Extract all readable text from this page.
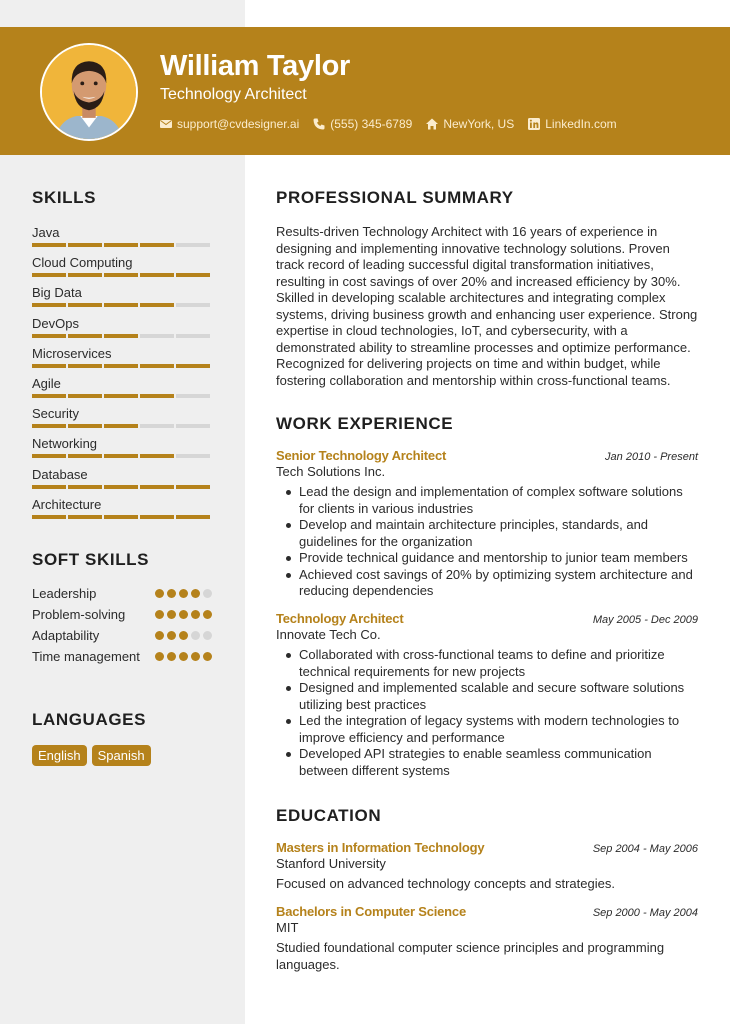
William Taylor
Technology Architect
support@cvdesigner.ai	(555) 345-6789	NewYork, US	LinkedIn.com
SKILLS
Java
Cloud Computing
Big Data
DevOps
Microservices
Agile
Security
Networking
Database
Architecture
SOFT SKILLS
Leadership
Problem-solving
Adaptability
Time management
LANGUAGES
English	Spanish
PROFESSIONAL SUMMARY
Results-driven Technology Architect with 16 years of experience in designing and implementing innovative technology solutions. Proven track record of leading successful digital transformation initiatives, resulting in cost savings of over 20% and increased efficiency by 30%. Skilled in developing scalable architectures and integrating complex systems, driving business growth and enhancing user experience. Strong expertise in cloud technologies, IoT, and cybersecurity, with a demonstrated ability to streamline processes and optimize performance. Recognized for delivering projects on time and within budget, while fostering collaboration and mentorship within cross-functional teams.
WORK EXPERIENCE
Senior Technology Architect	Jan 2010 - Present
Tech Solutions Inc.
Lead the design and implementation of complex software solutions for clients in various industries
Develop and maintain architecture principles, standards, and guidelines for the organization
Provide technical guidance and mentorship to junior team members
Achieved cost savings of 20% by optimizing system architecture and reducing dependencies
Technology Architect	May 2005 - Dec 2009
Innovate Tech Co.
Collaborated with cross-functional teams to define and prioritize technical requirements for new projects
Designed and implemented scalable and secure software solutions utilizing best practices
Led the integration of legacy systems with modern technologies to improve efficiency and performance
Developed API strategies to enable seamless communication between different systems
EDUCATION
Masters in Information Technology	Sep 2004 - May 2006
Stanford University
Focused on advanced technology concepts and strategies.
Bachelors in Computer Science	Sep 2000 - May 2004
MIT
Studied foundational computer science principles and programming languages.
